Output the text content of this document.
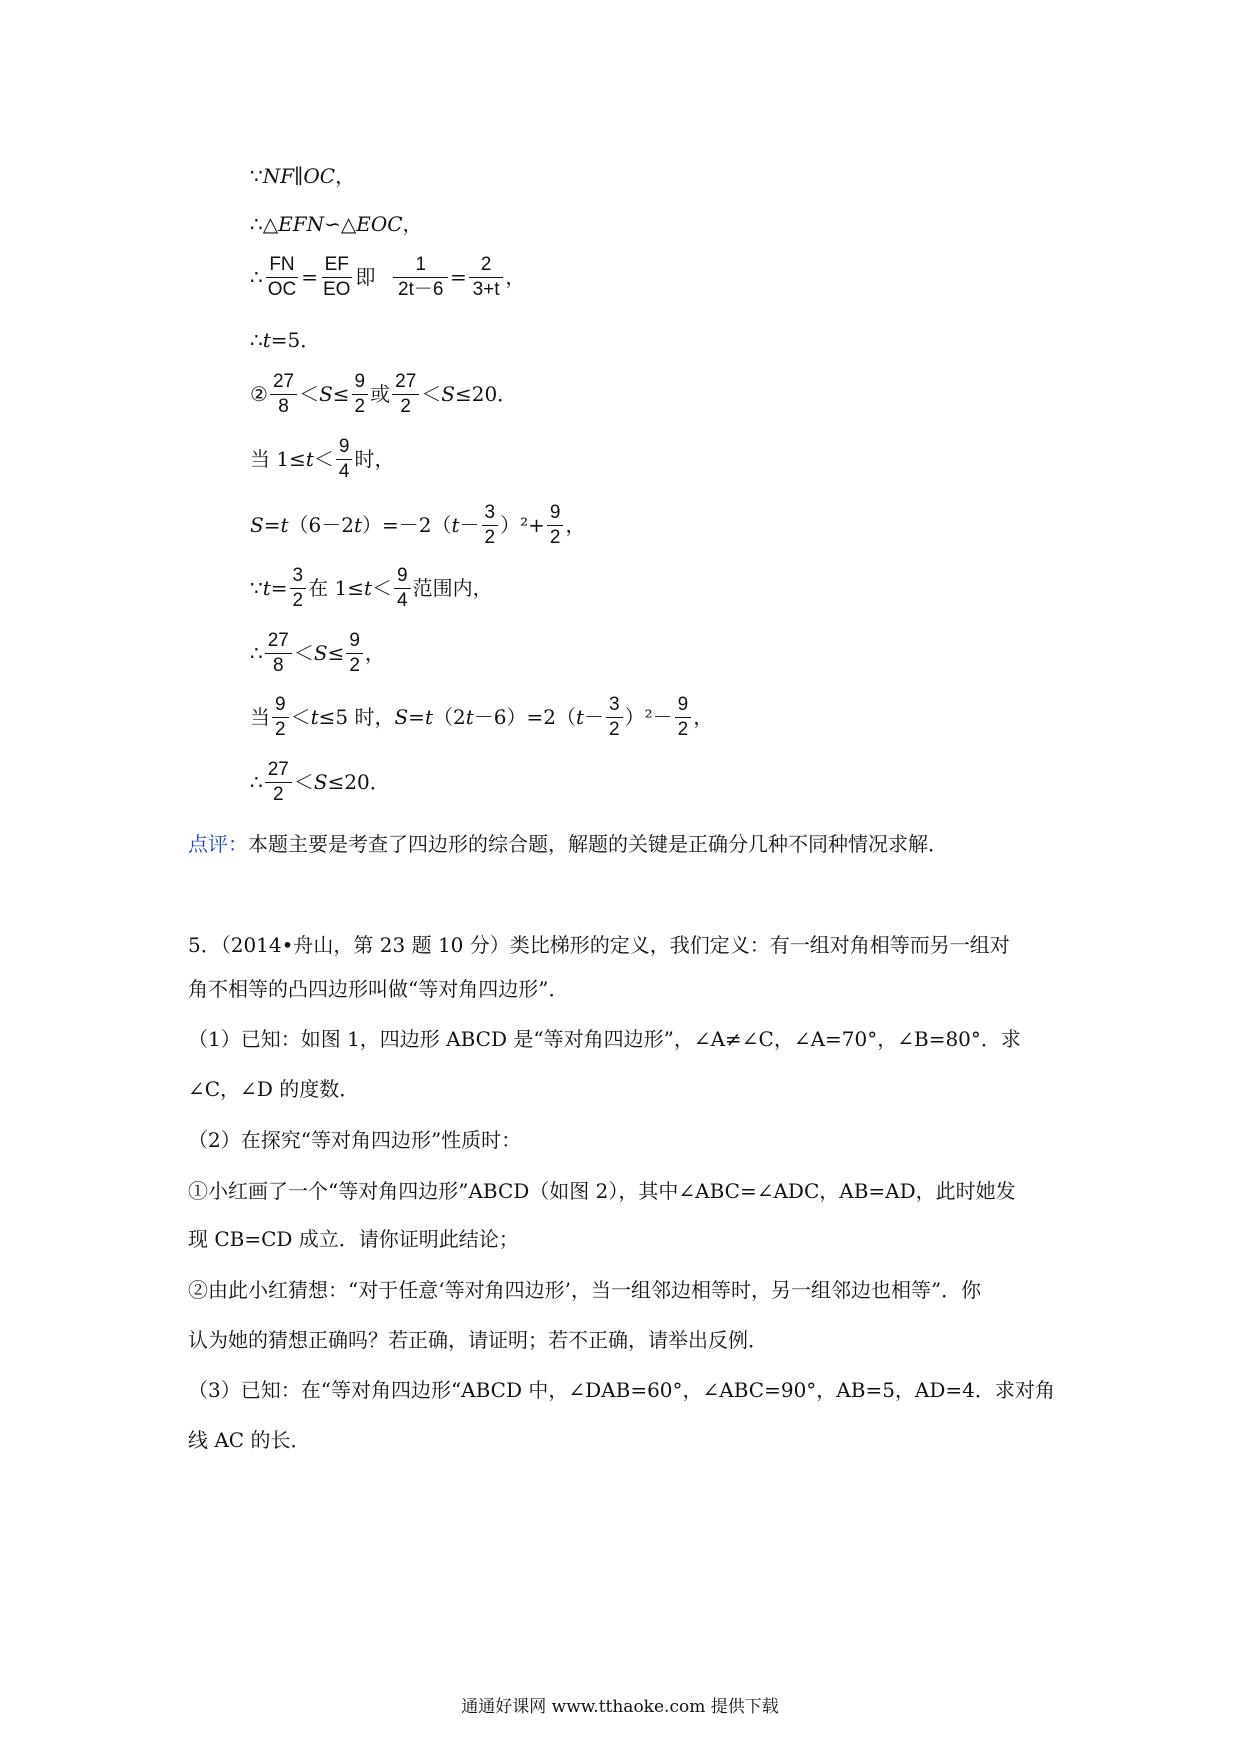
∵ NF∥OC ，
∴△ EFN ∽△ EOC ，
∴ $\frac{FN}{OC} = \frac{EF}{EO}$ 即 $\frac{1}{2t-6} = \frac{2}{3+t}$ ，
∴ t =5．
② $\frac{27}{8} < S \le \frac{9}{2}$ 或 $\frac{27}{2} < S \le 20$．
当 $1\le t < \frac{9}{4}$ 时，
S = t （6－2 t ）=－2（ $t - \frac{3}{2} )^2+ \frac{9}{2}$ ，
∵ $t = \frac{3}{2}$ 在 $1\le t < \frac{9}{4}$ 范围内，
∴ $\frac{27}{8} < S \le \frac{9}{2}$ ，
当 $\frac{9}{2} < t \le 5$ 时， S = t （2 t －6）=2（ $t - \frac{3}{2} )^2- \frac{9}{2}$ ，
∴ $\frac{27}{2} < S \le 20$．
点评：本题主要是考查了四边形的综合题，解题的关键是正确分几种不同种情况求解．
5．（2014•舟山，第 23 题 10 分）类比梯形的定义，我们定义：有一组对角相等而另一组对
角不相等的凸四边形叫做“等对角四边形”．
（1）已知：如图 1，四边形 ABCD 是“等对角四边形”，∠A≠∠C，∠A=70°，∠B=80°．求
∠C，∠D 的度数．
（2）在探究“等对角四边形”性质时：
①小红画了一个“等对角四边形”ABCD（如图 2），其中∠ABC=∠ADC，AB=AD，此时她发
现 CB=CD 成立．请你证明此结论；
②由此小红猜想：“对于任意‘等对角四边形’，当一组邻边相等时，另一组邻边也相等”．你
认为她的猜想正确吗？若正确，请证明；若不正确，请举出反例．
（3）已知：在“等对角四边形“ABCD 中，∠DAB=60°，∠ABC=90°，AB=5，AD=4．求对角
线 AC 的长．
通通好课网 www.tthaoke.com 提供下载
